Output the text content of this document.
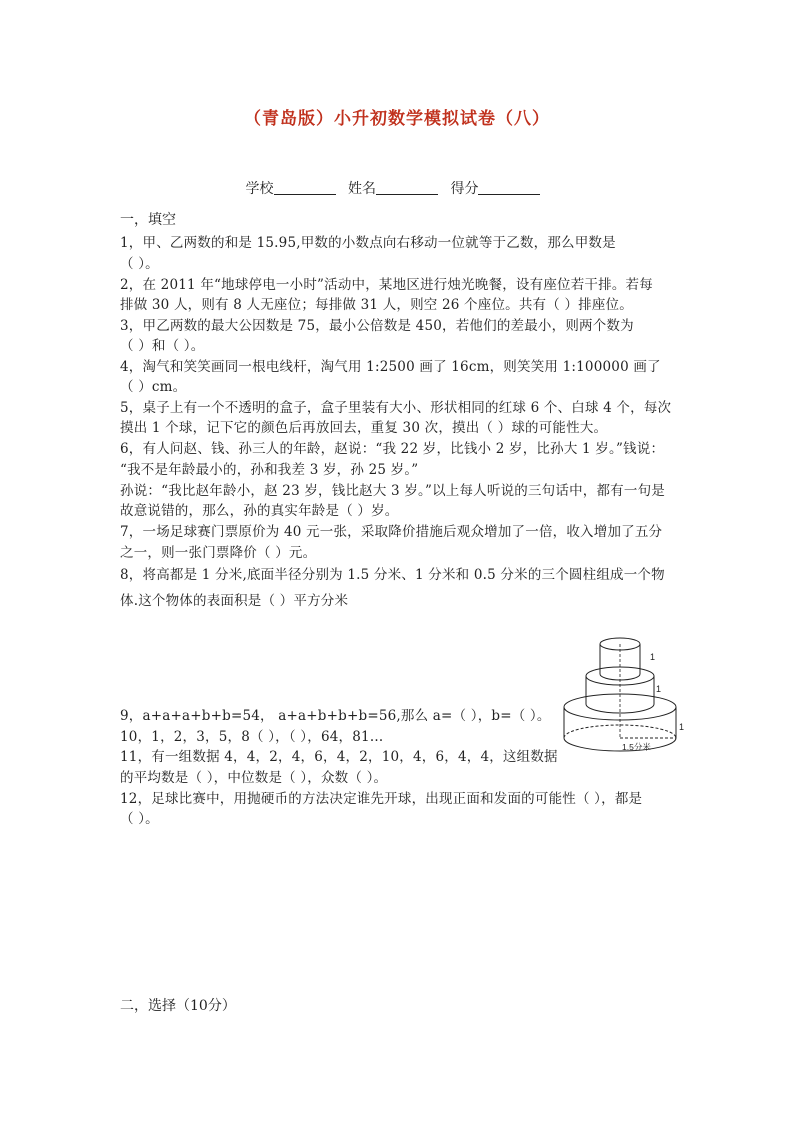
（青岛版）小升初数学模拟试卷（八）
学校	姓名	得分
一，填空
1，甲、乙两数的和是 15.95,甲数的小数点向右移动一位就等于乙数，那么甲数是
（ ）。
2，在 2011 年“地球停电一小时”活动中，某地区进行烛光晚餐，设有座位若干排。若每
排做 30 人，则有 8 人无座位；每排做 31 人，则空 26 个座位。共有（ ）排座位。
3，甲乙两数的最大公因数是 75，最小公倍数是 450，若他们的差最小，则两个数为
（ ）和（ ）。
4，淘气和笑笑画同一根电线杆，淘气用 1:2500 画了 16cm，则笑笑用 1:100000 画了
（ ）cm。
5，桌子上有一个不透明的盒子，盒子里装有大小、形状相同的红球 6 个、白球 4 个，每次
摸出 1 个球，记下它的颜色后再放回去，重复 30 次，摸出（ ）球的可能性大。
6，有人问赵、钱、孙三人的年龄，赵说：“我 22 岁，比钱小 2 岁，比孙大 1 岁。”钱说：
“我不是年龄最小的，孙和我差 3 岁，孙 25 岁。”
孙说：“我比赵年龄小，赵 23 岁，钱比赵大 3 岁。”以上每人听说的三句话中，都有一句是
故意说错的，那么，孙的真实年龄是（ ）岁。
7，一场足球赛门票原价为 40 元一张，采取降价措施后观众增加了一倍，收入增加了五分
之一，则一张门票降价（ ）元。
8，将高都是 1 分米,底面半径分别为 1.5 分米、1 分米和 0.5 分米的三个圆柱组成一个物
体.这个物体的表面积是（ ）平方分米
1
1
1
1.5分米
9，a+a+a+b+b=54， a+a+b+b+b=56,那么 a=（ ），b=（ ）。
10，1，2，3，5，8（ ），（ ），64，81…
11，有一组数据 4，4，2，4，6，4，2，10，4，6，4，4，这组数据
的平均数是（ ），中位数是（ ），众数（ ）。
12，足球比赛中，用抛硬币的方法决定谁先开球，出现正面和发面的可能性（ ），都是
（ ）。
二，选择（10分）
